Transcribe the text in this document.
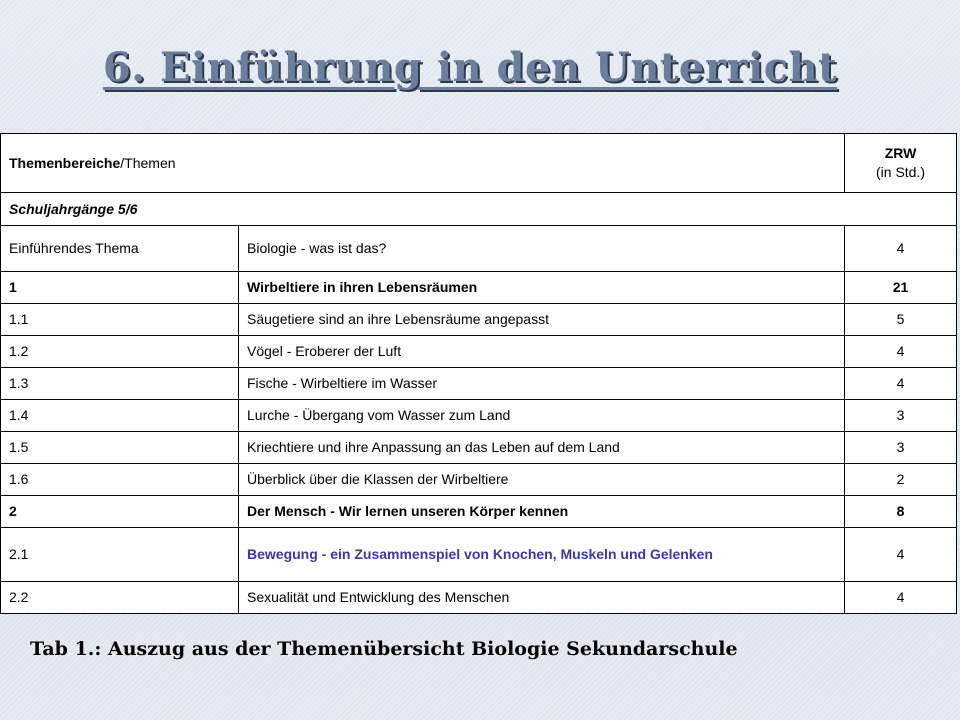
6. Einführung in den Unterricht
Themenbereiche/Themen		ZRW
(in Std.)
Schuljahrgänge 5/6		
Einführendes Thema	Biologie - was ist das?	4
1	Wirbeltiere in ihren Lebensräumen	21
1.1	Säugetiere sind an ihre Lebensräume angepasst	5
1.2	Vögel - Eroberer der Luft	4
1.3	Fische - Wirbeltiere im Wasser	4
1.4	Lurche - Übergang vom Wasser zum Land	3
1.5	Kriechtiere und ihre Anpassung an das Leben auf dem Land	3
1.6	Überblick über die Klassen der Wirbeltiere	2
2	Der Mensch - Wir lernen unseren Körper kennen	8
2.1	Bewegung - ein Zusammenspiel von Knochen, Muskeln und Gelenken	4
2.2	Sexualität und Entwicklung des Menschen	4
Tab 1.: Auszug aus der Themenübersicht Biologie Sekundarschule
